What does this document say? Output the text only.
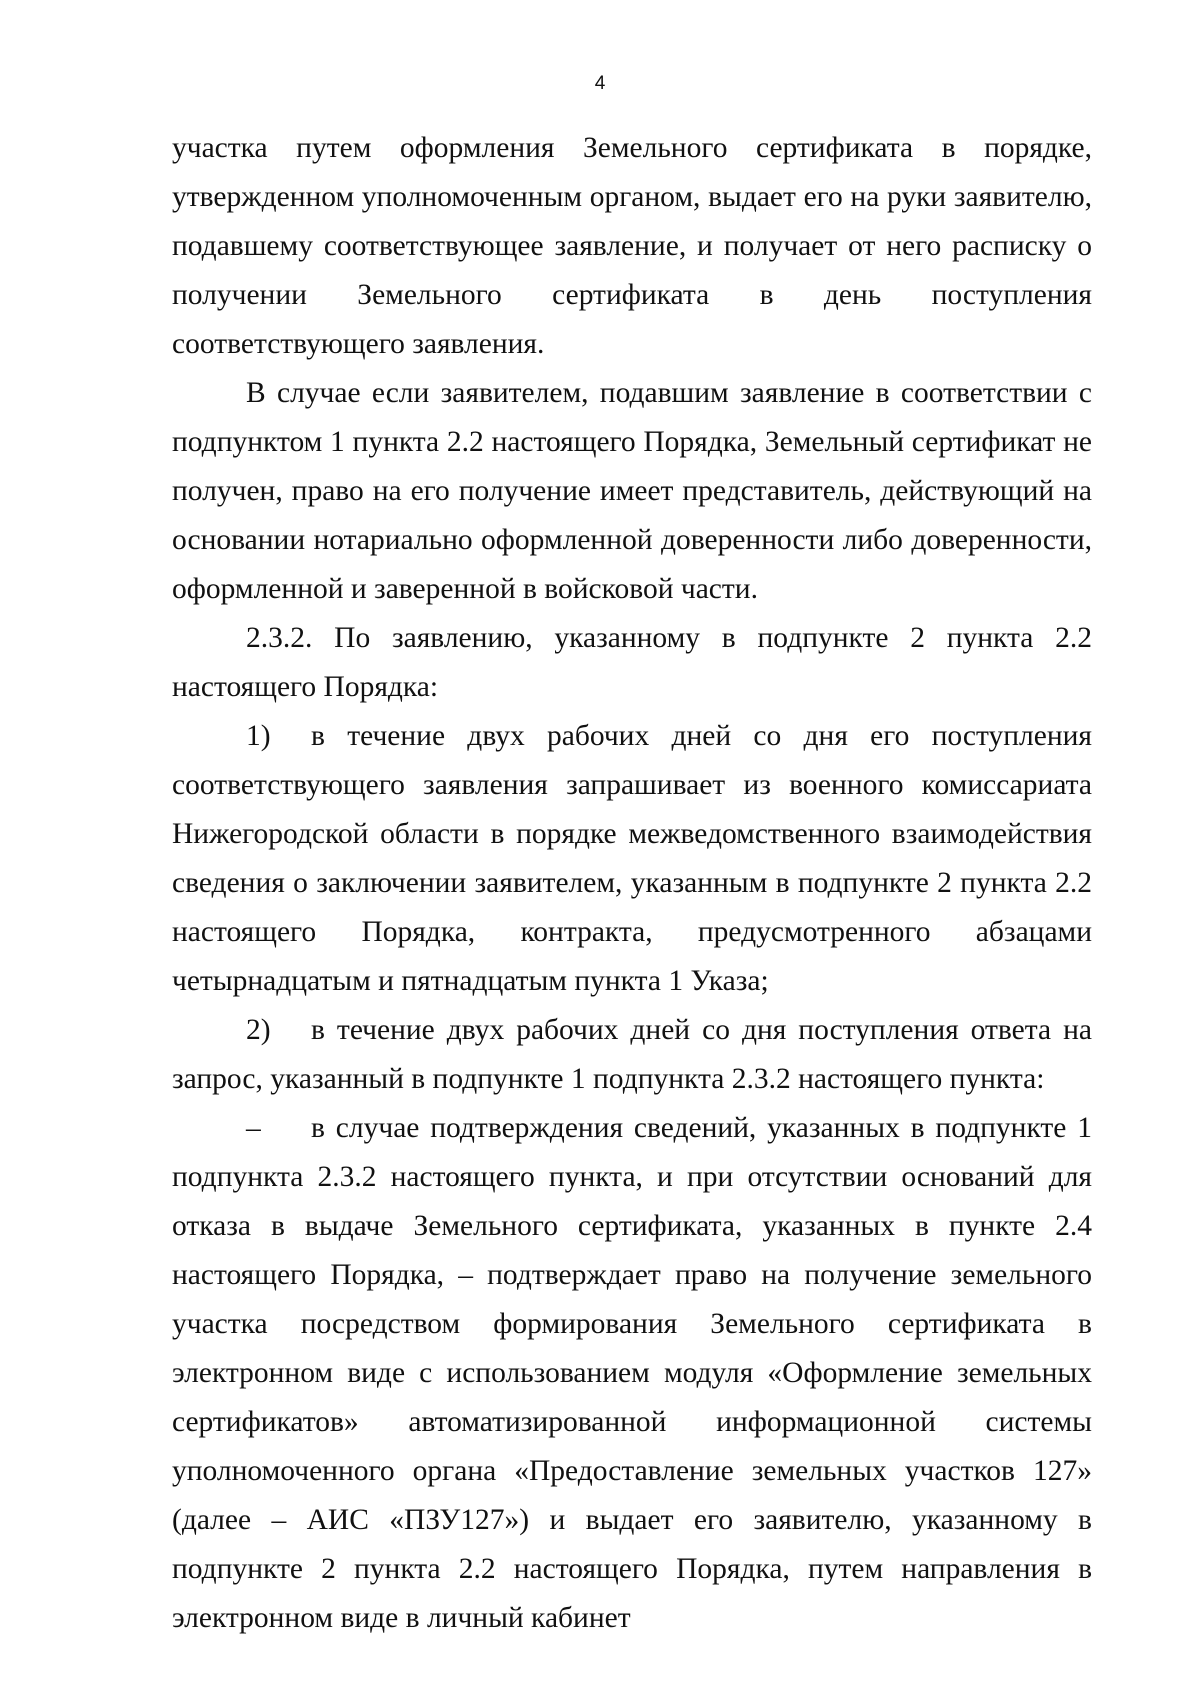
4

участка путем оформления Земельного сертификата в порядке, утвержденном уполномоченным органом, выдает его на руки заявителю, подавшему соответствующее заявление, и получает от него расписку о получении Земельного сертификата в день поступления соответствующего заявления.

В случае если заявителем, подавшим заявление в соответствии с подпунктом 1 пункта 2.2 настоящего Порядка, Земельный сертификат не получен, право на его получение имеет представитель, действующий на основании нотариально оформленной доверенности либо доверенности, оформленной и заверенной в войсковой части.

2.3.2. По заявлению, указанному в подпункте 2 пункта 2.2 настоящего Порядка:

1) в течение двух рабочих дней со дня его поступления соответствующего заявления запрашивает из военного комиссариата Нижегородской области в порядке межведомственного взаимодействия сведения о заключении заявителем, указанным в подпункте 2 пункта 2.2 настоящего Порядка, контракта, предусмотренного абзацами четырнадцатым и пятнадцатым пункта 1 Указа;

2) в течение двух рабочих дней со дня поступления ответа на запрос, указанный в подпункте 1 подпункта 2.3.2 настоящего пункта:

– в случае подтверждения сведений, указанных в подпункте 1 подпункта 2.3.2 настоящего пункта, и при отсутствии оснований для отказа в выдаче Земельного сертификата, указанных в пункте 2.4 настоящего Порядка, – подтверждает право на получение земельного участка посредством формирования Земельного сертификата в электронном виде с использованием модуля «Оформление земельных сертификатов» автоматизированной информационной системы уполномоченного органа «Предоставление земельных участков 127» (далее – АИС «ПЗУ127») и выдает его заявителю, указанному в подпункте 2 пункта 2.2 настоящего Порядка, путем направления в электронном виде в личный кабинет
